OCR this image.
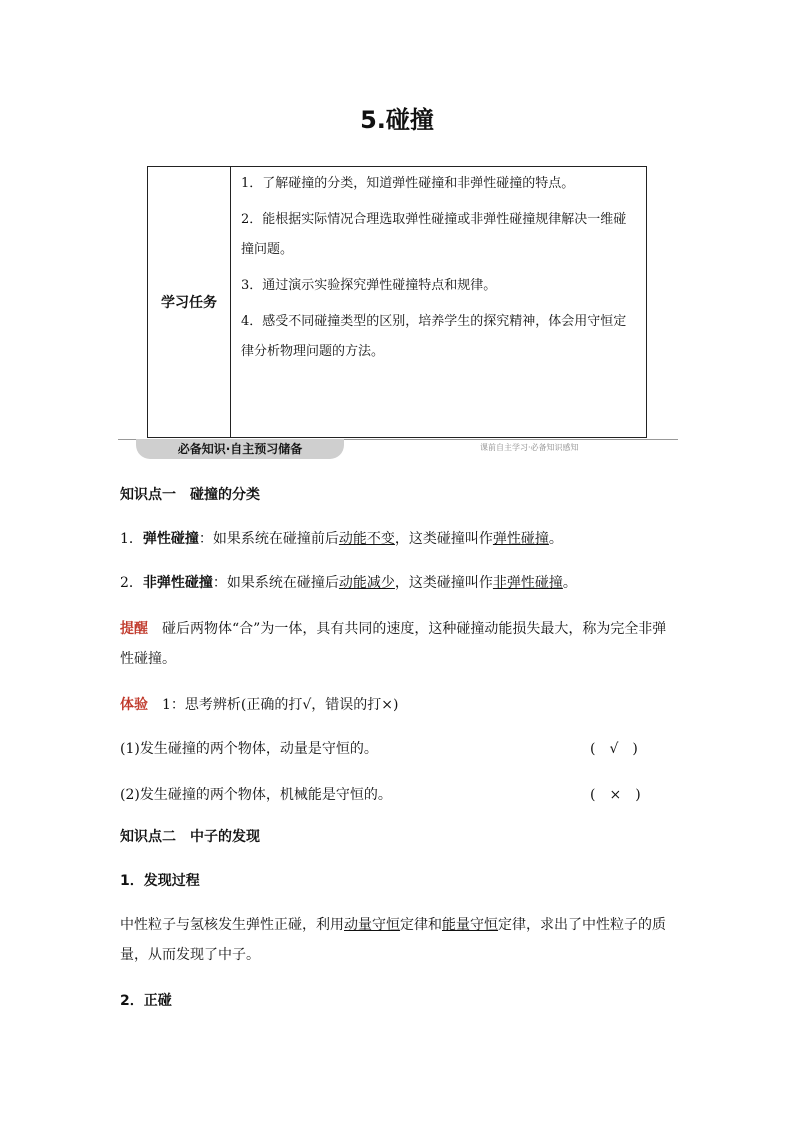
5.碰撞
学习任务

1．了解碰撞的分类，知道弹性碰撞和非弹性碰撞的特点。

2．能根据实际情况合理选取弹性碰撞或非弹性碰撞规律解决一维碰撞问题。

3．通过演示实验探究弹性碰撞特点和规律。

4．感受不同碰撞类型的区别，培养学生的探究精神，体会用守恒定律分析物理问题的方法。

必备知识·自主预习储备	课前自主学习·必备知识感知

知识点一　碰撞的分类

1．弹性碰撞：如果系统在碰撞前后动能不变，这类碰撞叫作弹性碰撞。

2．非弹性碰撞：如果系统在碰撞后动能减少，这类碰撞叫作非弹性碰撞。

提醒　 碰后两物体“合”为一体，具有共同的速度，这种碰撞动能损失最大，称为完全非弹性碰撞。

体验　 1：思考辨析(正确的打√，错误的打×)

(1)发生碰撞的两个物体，动量是守恒的。	(　√　)

(2)发生碰撞的两个物体，机械能是守恒的。	(　×　)

知识点二　中子的发现

1．发现过程

中性粒子与氢核发生弹性正碰，利用动量守恒定律和能量守恒定律，求出了中性粒子的质量，从而发现了中子。

2．正碰
